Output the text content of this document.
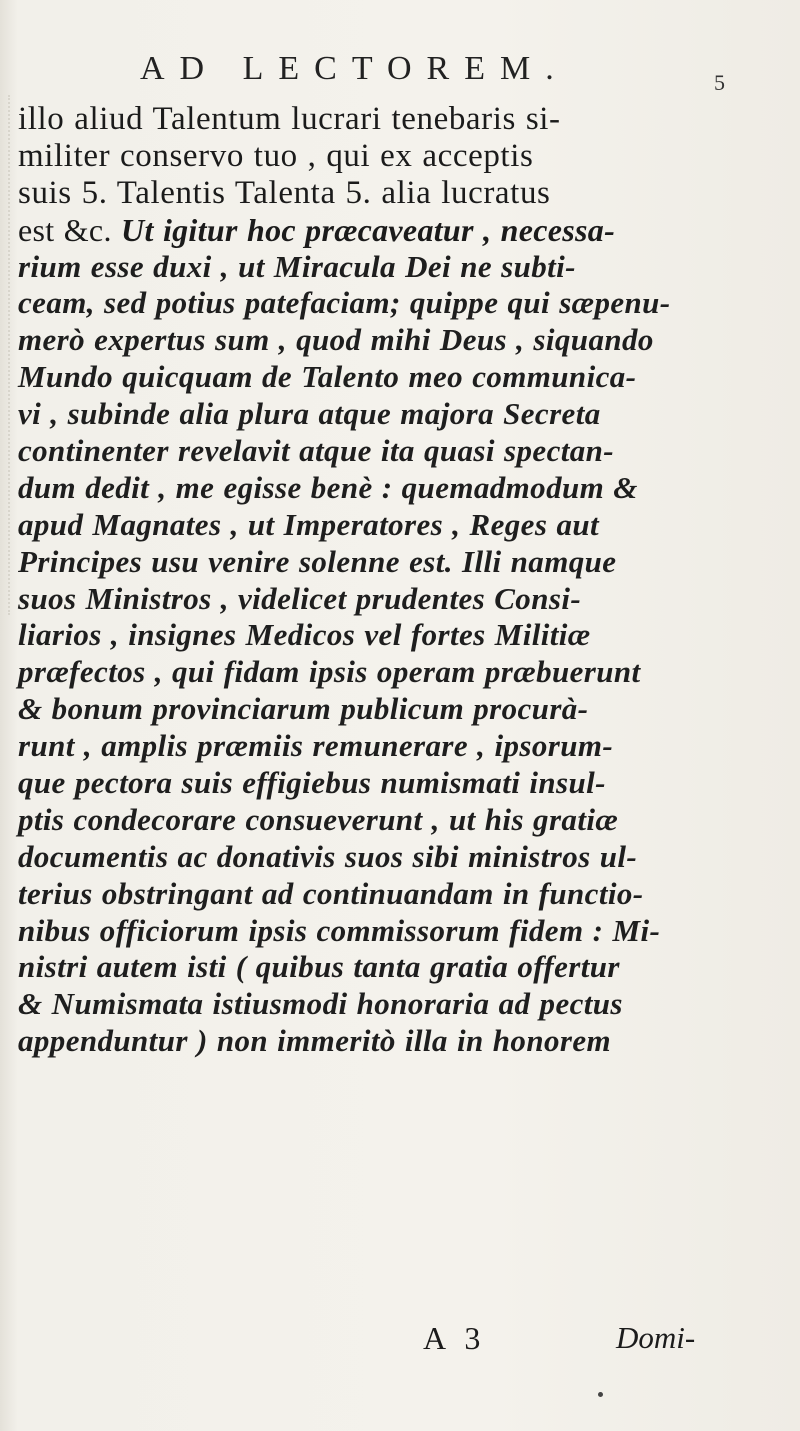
AD LECTOREM.	5
illo aliud Talentum lucrari tenebaris si-
militer conservo tuo , qui ex acceptis
suis 5. Talentis Talenta 5. alia lucratus
est &c. Ut igitur hoc prӕcaveatur , necessa-
rium esse duxi , ut Miracula Dei ne subti-
ceam, sed potius patefaciam; quippe qui sӕpenu-
merò expertus sum , quod mihi Deus , siquando
Mundo quicquam de Talento meo communica-
vi , subinde alia plura atque majora Secreta
continenter revelavit atque ita quasi spectan-
dum dedit , me egisse benè : quemadmodum &
apud Magnates , ut Imperatores , Reges aut
Principes usu venire solenne est. Illi namque
suos Ministros , videlicet prudentes Consi-
liarios , insignes Medicos vel fortes Militiӕ
prӕfectos , qui fidam ipsis operam prӕbuerunt
& bonum provinciarum publicum procurà-
runt , amplis prӕmiis remunerare , ipsorum-
que pectora suis effigiebus numismati insul-
ptis condecorare consueverunt , ut his gratiӕ
documentis ac donativis suos sibi ministros ul-
terius obstringant ad continuandam in functio-
nibus officiorum ipsis commissorum fidem : Mi-
nistri autem isti ( quibus tanta gratia offertur
& Numismata istiusmodi honoraria ad pectus
appenduntur ) non immeritò illa in honorem
A 3	Domi-
